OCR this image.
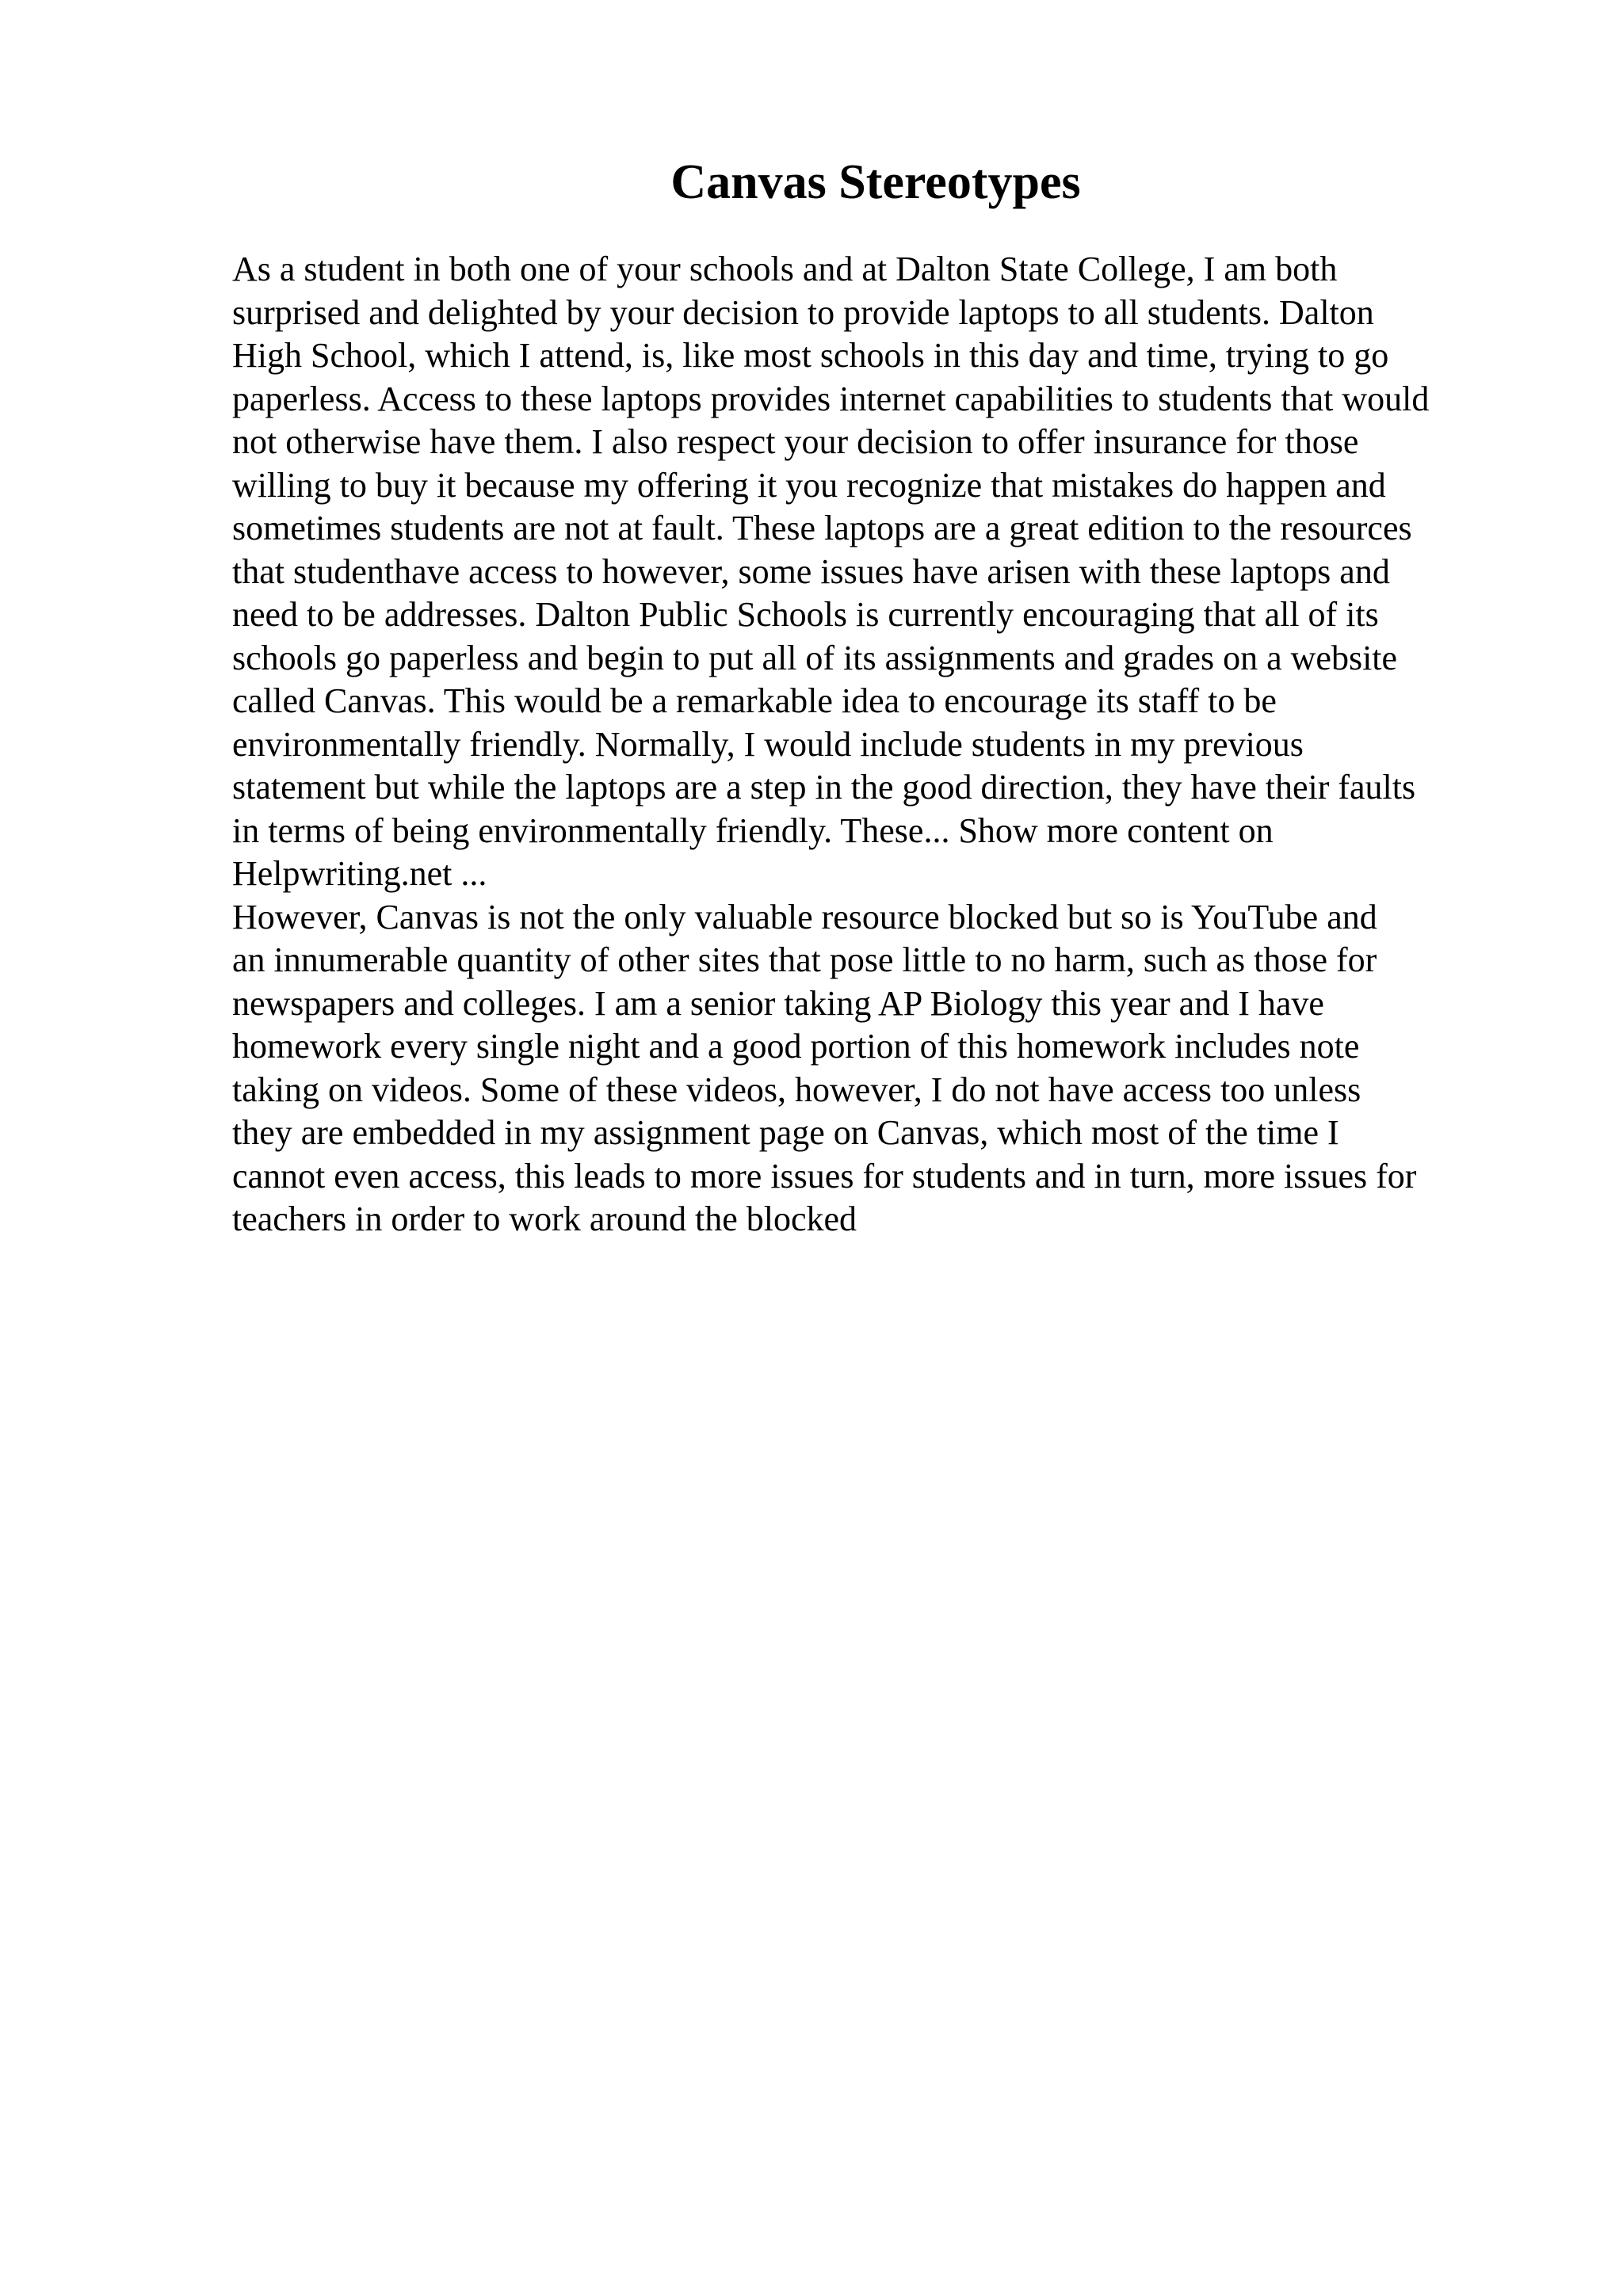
Canvas Stereotypes
As a student in both one of your schools and at Dalton State College, I am both
surprised and delighted by your decision to provide laptops to all students. Dalton
High School, which I attend, is, like most schools in this day and time, trying to go
paperless. Access to these laptops provides internet capabilities to students that would
not otherwise have them. I also respect your decision to offer insurance for those
willing to buy it because my offering it you recognize that mistakes do happen and
sometimes students are not at fault. These laptops are a great edition to the resources
that studenthave access to however, some issues have arisen with these laptops and
need to be addresses. Dalton Public Schools is currently encouraging that all of its
schools go paperless and begin to put all of its assignments and grades on a website
called Canvas. This would be a remarkable idea to encourage its staff to be
environmentally friendly. Normally, I would include students in my previous
statement but while the laptops are a step in the good direction, they have their faults
in terms of being environmentally friendly. These... Show more content on
Helpwriting.net ...
However, Canvas is not the only valuable resource blocked but so is YouTube and
an innumerable quantity of other sites that pose little to no harm, such as those for
newspapers and colleges. I am a senior taking AP Biology this year and I have
homework every single night and a good portion of this homework includes note
taking on videos. Some of these videos, however, I do not have access too unless
they are embedded in my assignment page on Canvas, which most of the time I
cannot even access, this leads to more issues for students and in turn, more issues for
teachers in order to work around the blocked
